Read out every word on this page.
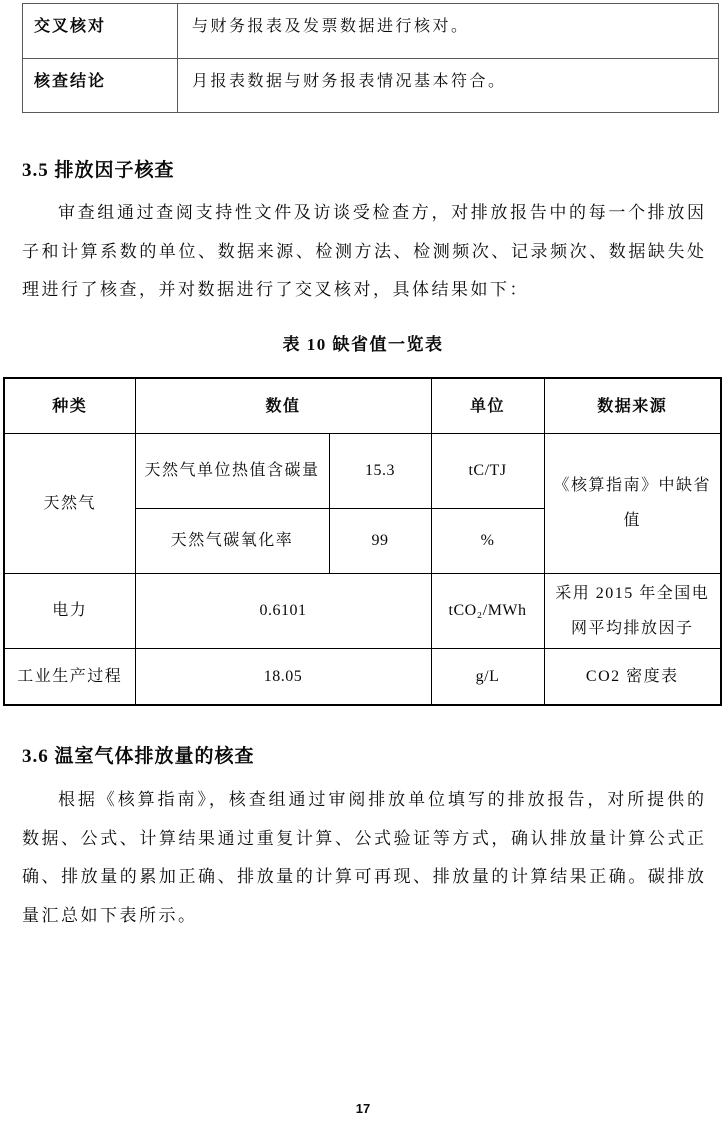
交叉核对	与财务报表及发票数据进行核对。
核查结论	月报表数据与财务报表情况基本符合。
3.5 排放因子核查
审查组通过查阅支持性文件及访谈受检查方，对排放报告中的每一个排放因
子和计算系数的单位、数据来源、检测方法、检测频次、记录频次、数据缺失处
理进行了核查，并对数据进行了交叉核对，具体结果如下：
表 10 缺省值一览表
种类	数值		单位	数据来源
天然气	天然气单位热值含碳量	15.3	tC/TJ	《核算指南》中缺省值
	天然气碳氧化率	99	%	
电力	0.6101		tCO₂/MWh	采用 2015 年全国电网平均排放因子
工业生产过程	18.05		g/L	CO2 密度表
3.6 温室气体排放量的核查
根据《核算指南》，核查组通过审阅排放单位填写的排放报告，对所提供的
数据、公式、计算结果通过重复计算、公式验证等方式，确认排放量计算公式正
确、排放量的累加正确、排放量的计算可再现、排放量的计算结果正确。碳排放
量汇总如下表所示。
17
